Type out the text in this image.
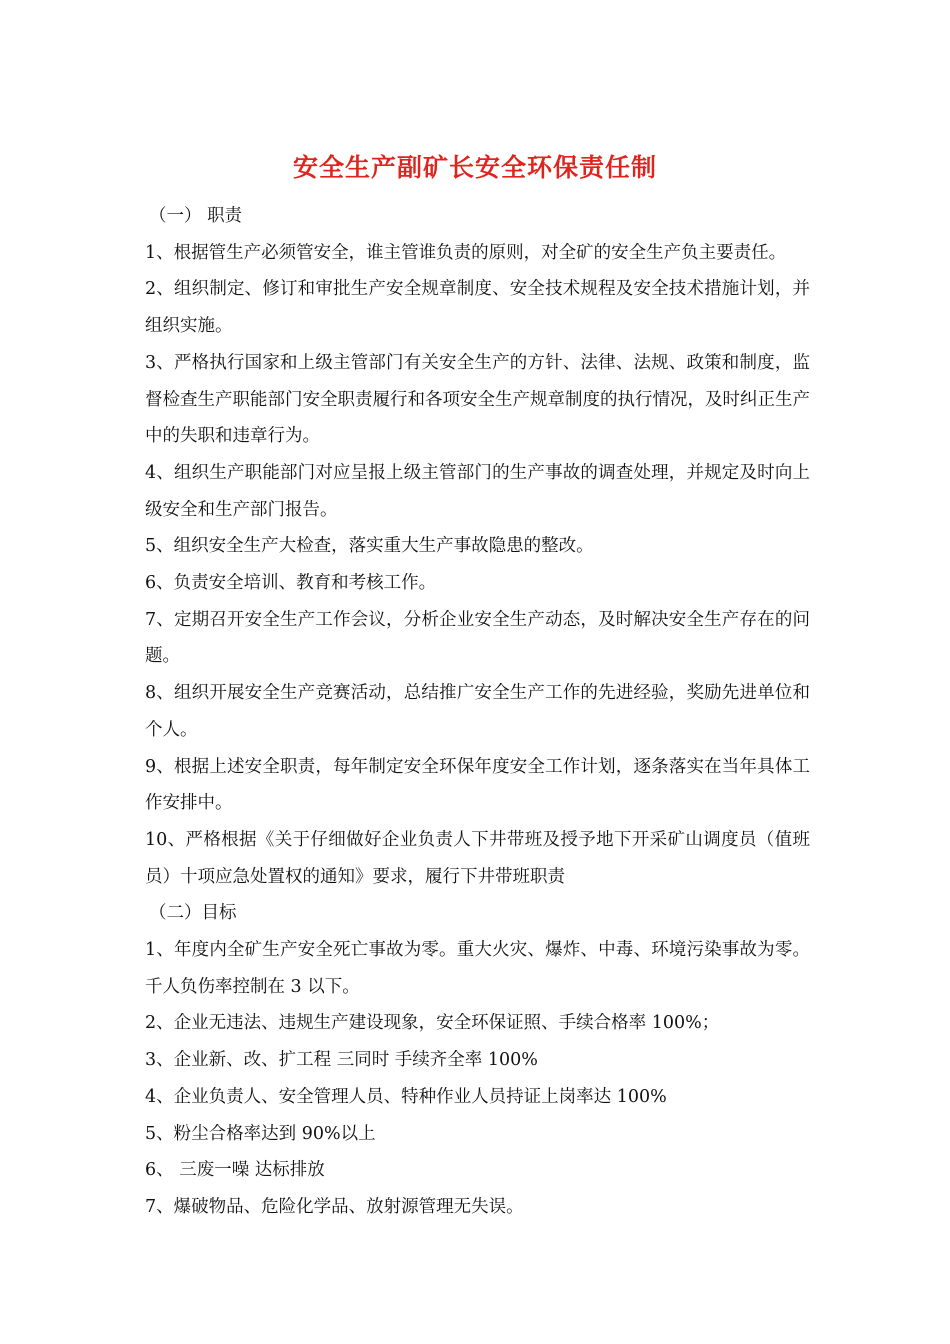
安全生产副矿长安全环保责任制

（一） 职责

1、根据管生产必须管安全，谁主管谁负责的原则，对全矿的安全生产负主要责任。

2、组织制定、修订和审批生产安全规章制度、安全技术规程及安全技术措施计划，并组织实施。

3、严格执行国家和上级主管部门有关安全生产的方针、法律、法规、政策和制度，监督检查生产职能部门安全职责履行和各项安全生产规章制度的执行情况，及时纠正生产中的失职和违章行为。

4、组织生产职能部门对应呈报上级主管部门的生产事故的调查处理，并规定及时向上级安全和生产部门报告。

5、组织安全生产大检查，落实重大生产事故隐患的整改。

6、负责安全培训、教育和考核工作。

7、定期召开安全生产工作会议，分析企业安全生产动态，及时解决安全生产存在的问题。

8、组织开展安全生产竞赛活动，总结推广安全生产工作的先进经验，奖励先进单位和个人。

9、根据上述安全职责，每年制定安全环保年度安全工作计划，逐条落实在当年具体工作安排中。

10、严格根据《关于仔细做好企业负责人下井带班及授予地下开采矿山调度员（值班员）十项应急处置权的通知》要求，履行下井带班职责

（二）目标

1、年度内全矿生产安全死亡事故为零。重大火灾、爆炸、中毒、环境污染事故为零。千人负伤率控制在 3 以下。

2、企业无违法、违规生产建设现象，安全环保证照、手续合格率 100%；

3、企业新、改、扩工程 三同时 手续齐全率 100%

4、企业负责人、安全管理人员、特种作业人员持证上岗率达 100%

5、粉尘合格率达到 90%以上

6、 三废一噪 达标排放

7、爆破物品、危险化学品、放射源管理无失误。
